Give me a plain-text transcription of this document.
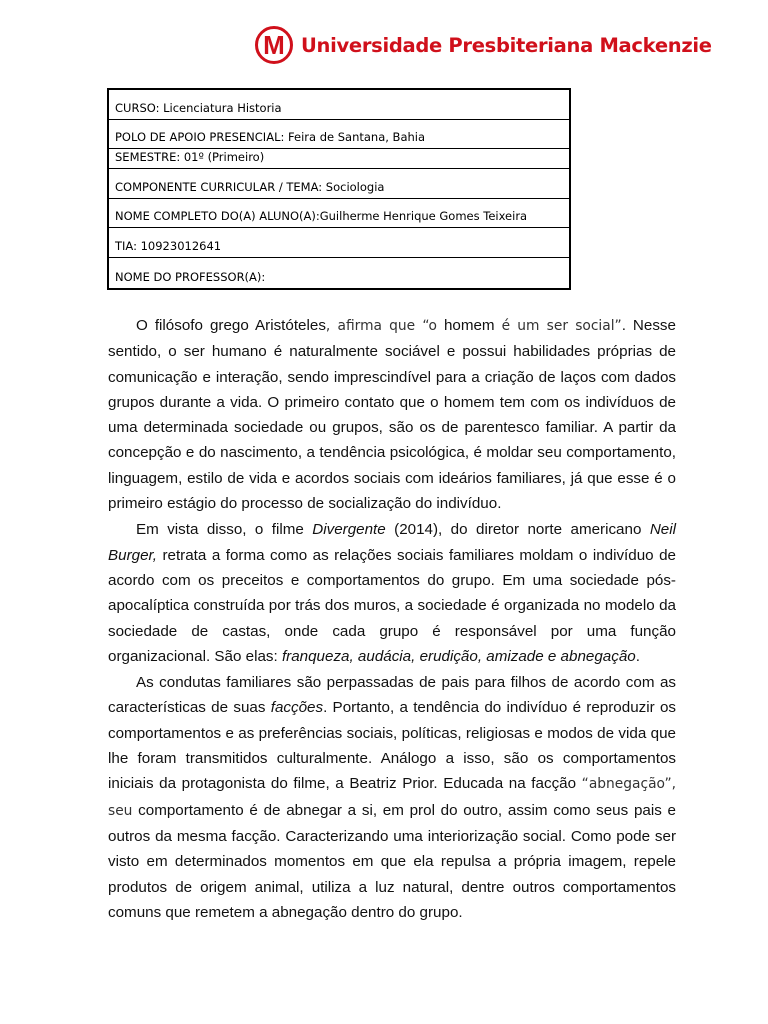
M Universidade Presbiteriana Mackenzie
CURSO: Licenciatura Historia
POLO DE APOIO PRESENCIAL: Feira de Santana, Bahia
SEMESTRE: 01º (Primeiro)
COMPONENTE CURRICULAR / TEMA: Sociologia
NOME COMPLETO DO(A) ALUNO(A):Guilherme Henrique Gomes Teixeira
TIA: 10923012641
NOME DO PROFESSOR(A):

O filósofo grego Aristóteles, afirma que “o homem é um ser social”. Nesse sentido, o ser humano é naturalmente sociável e possui habilidades próprias de comunicação e interação, sendo imprescindível para a criação de laços com dados grupos durante a vida. O primeiro contato que o homem tem com os indivíduos de uma determinada sociedade ou grupos, são os de parentesco familiar. A partir da concepção e do nascimento, a tendência psicológica, é moldar seu comportamento, linguagem, estilo de vida e acordos sociais com ideários familiares, já que esse é o primeiro estágio do processo de socialização do indivíduo.

Em vista disso, o filme Divergente (2014), do diretor norte americano Neil Burger, retrata a forma como as relações sociais familiares moldam o indivíduo de acordo com os preceitos e comportamentos do grupo. Em uma sociedade pós-apocalíptica construída por trás dos muros, a sociedade é organizada no modelo da sociedade de castas, onde cada grupo é responsável por uma função organizacional. São elas: franqueza, audácia, erudição, amizade e abnegação.

As condutas familiares são perpassadas de pais para filhos de acordo com as características de suas facções. Portanto, a tendência do indivíduo é reproduzir os comportamentos e as preferências sociais, políticas, religiosas e modos de vida que lhe foram transmitidos culturalmente. Análogo a isso, são os comportamentos iniciais da protagonista do filme, a Beatriz Prior. Educada na facção “abnegação”, seu comportamento é de abnegar a si, em prol do outro, assim como seus pais e outros da mesma facção. Caracterizando uma interiorização social. Como pode ser visto em determinados momentos em que ela repulsa a própria imagem, repele produtos de origem animal, utiliza a luz natural, dentre outros comportamentos comuns que remetem a abnegação dentro do grupo.
